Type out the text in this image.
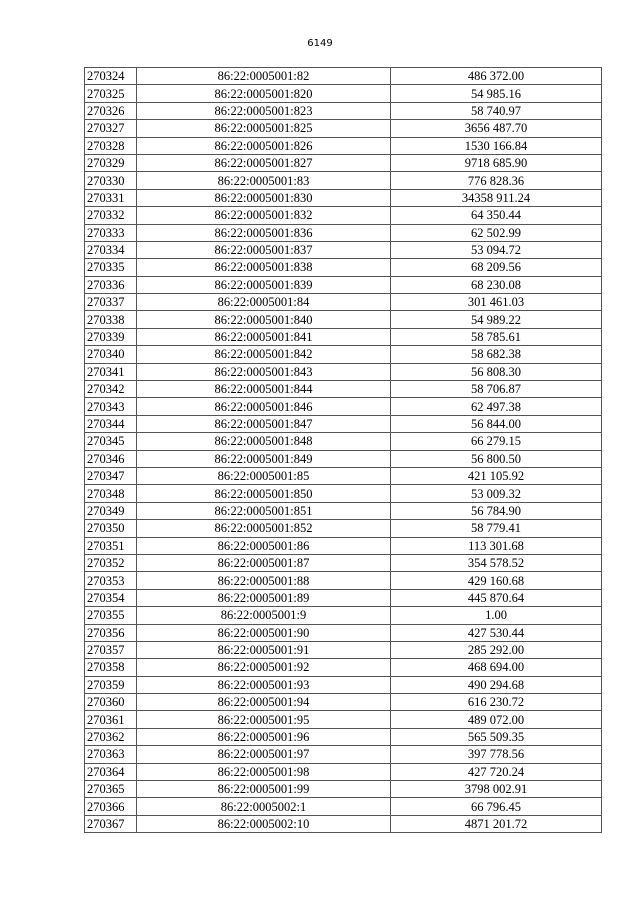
6149
270324	86:22:0005001:82	486 372.00
270325	86:22:0005001:820	54 985.16
270326	86:22:0005001:823	58 740.97
270327	86:22:0005001:825	3656 487.70
270328	86:22:0005001:826	1530 166.84
270329	86:22:0005001:827	9718 685.90
270330	86:22:0005001:83	776 828.36
270331	86:22:0005001:830	34358 911.24
270332	86:22:0005001:832	64 350.44
270333	86:22:0005001:836	62 502.99
270334	86:22:0005001:837	53 094.72
270335	86:22:0005001:838	68 209.56
270336	86:22:0005001:839	68 230.08
270337	86:22:0005001:84	301 461.03
270338	86:22:0005001:840	54 989.22
270339	86:22:0005001:841	58 785.61
270340	86:22:0005001:842	58 682.38
270341	86:22:0005001:843	56 808.30
270342	86:22:0005001:844	58 706.87
270343	86:22:0005001:846	62 497.38
270344	86:22:0005001:847	56 844.00
270345	86:22:0005001:848	66 279.15
270346	86:22:0005001:849	56 800.50
270347	86:22:0005001:85	421 105.92
270348	86:22:0005001:850	53 009.32
270349	86:22:0005001:851	56 784.90
270350	86:22:0005001:852	58 779.41
270351	86:22:0005001:86	113 301.68
270352	86:22:0005001:87	354 578.52
270353	86:22:0005001:88	429 160.68
270354	86:22:0005001:89	445 870.64
270355	86:22:0005001:9	1.00
270356	86:22:0005001:90	427 530.44
270357	86:22:0005001:91	285 292.00
270358	86:22:0005001:92	468 694.00
270359	86:22:0005001:93	490 294.68
270360	86:22:0005001:94	616 230.72
270361	86:22:0005001:95	489 072.00
270362	86:22:0005001:96	565 509.35
270363	86:22:0005001:97	397 778.56
270364	86:22:0005001:98	427 720.24
270365	86:22:0005001:99	3798 002.91
270366	86:22:0005002:1	66 796.45
270367	86:22:0005002:10	4871 201.72
